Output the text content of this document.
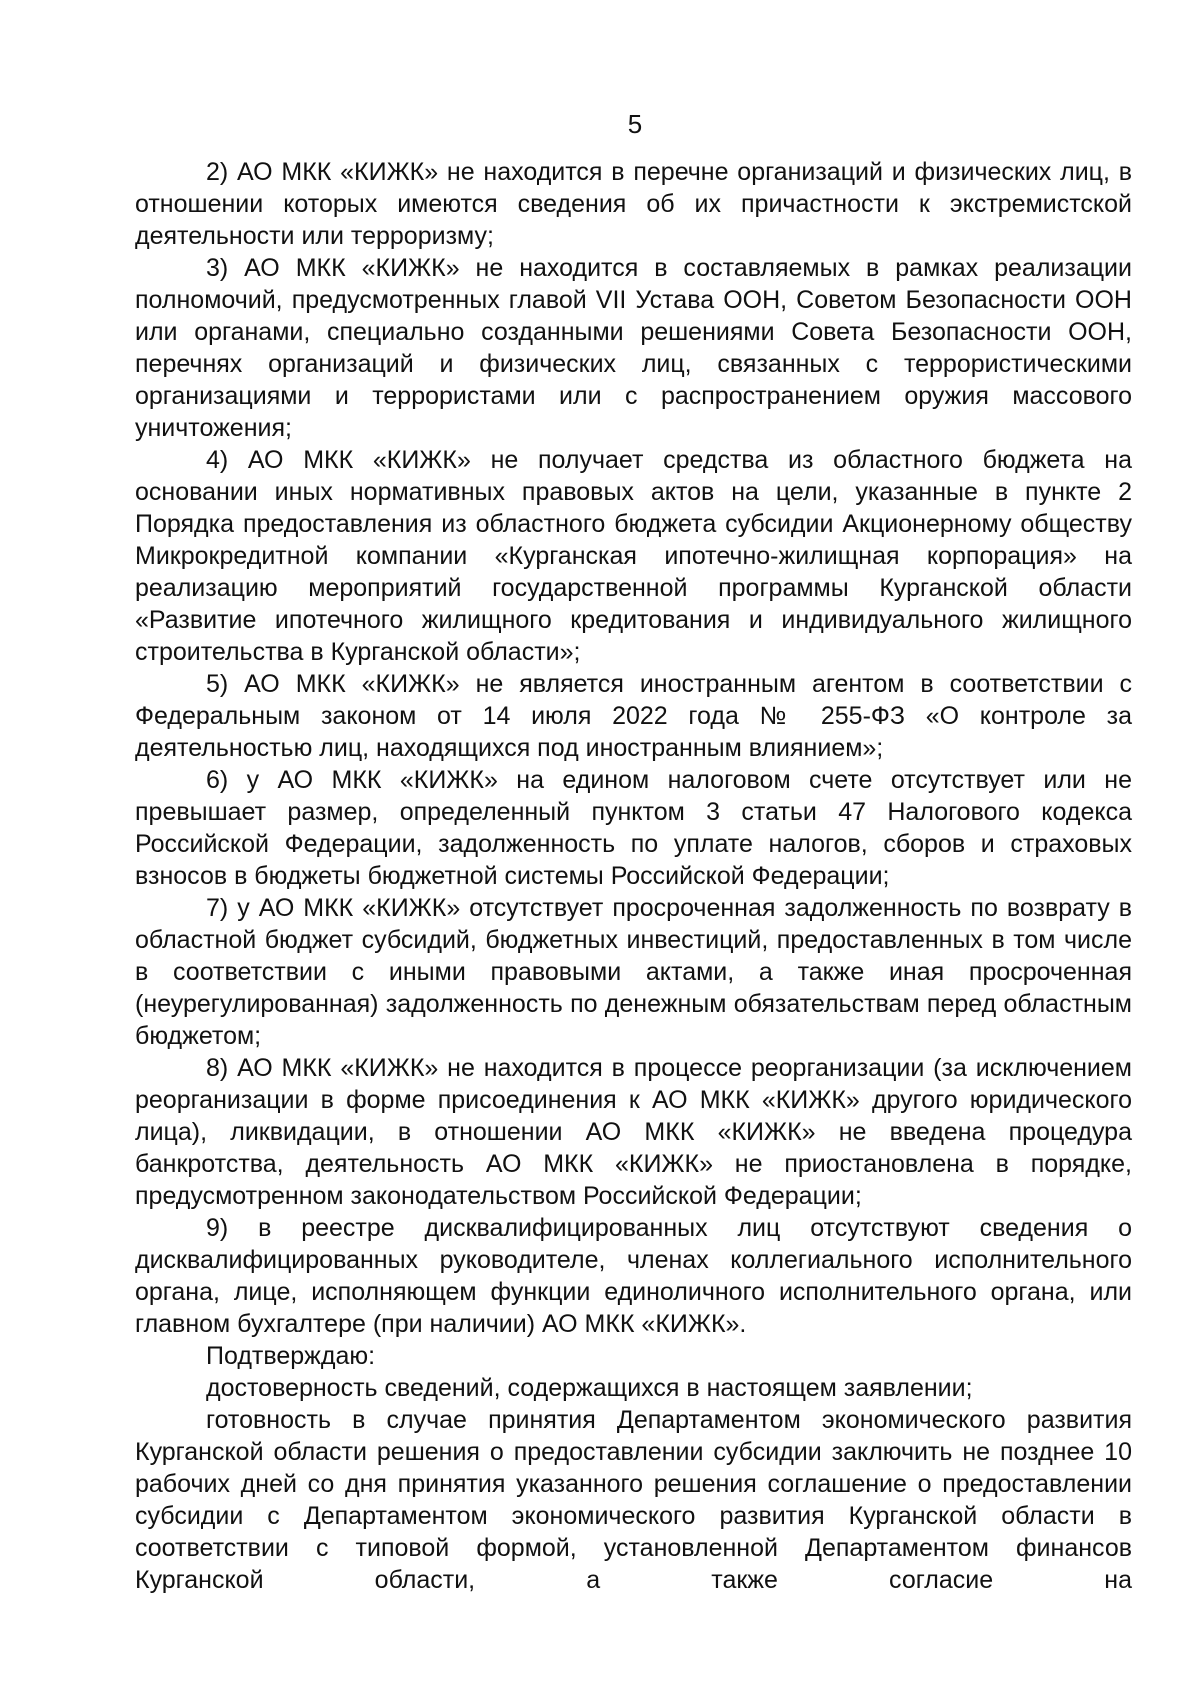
5

2) АО МКК «КИЖК» не находится в перечне организаций и физических лиц, в отношении которых имеются сведения об их причастности к экстремистской деятельности или терроризму;

3) АО МКК «КИЖК» не находится в составляемых в рамках реализации полномочий, предусмотренных главой VII Устава ООН, Советом Безопасности ООН или органами, специально созданными решениями Совета Безопасности ООН, перечнях организаций и физических лиц, связанных с террористическими организациями и террористами или с распространением оружия массового уничтожения;

4) АО МКК «КИЖК» не получает средства из областного бюджета на основании иных нормативных правовых актов на цели, указанные в пункте 2 Порядка предоставления из областного бюджета субсидии Акционерному обществу Микрокредитной компании «Курганская ипотечно-жилищная корпорация» на реализацию мероприятий государственной программы Курганской области «Развитие ипотечного жилищного кредитования и индивидуального жилищного строительства в Курганской области»;

5) АО МКК «КИЖК» не является иностранным агентом в соответствии с Федеральным законом от 14 июля 2022 года № 255-ФЗ «О контроле за деятельностью лиц, находящихся под иностранным влиянием»;

6) у АО МКК «КИЖК» на едином налоговом счете отсутствует или не превышает размер, определенный пунктом 3 статьи 47 Налогового кодекса Российской Федерации, задолженность по уплате налогов, сборов и страховых взносов в бюджеты бюджетной системы Российской Федерации;

7) у АО МКК «КИЖК» отсутствует просроченная задолженность по возврату в областной бюджет субсидий, бюджетных инвестиций, предоставленных в том числе в соответствии с иными правовыми актами, а также иная просроченная (неурегулированная) задолженность по денежным обязательствам перед областным бюджетом;

8) АО МКК «КИЖК» не находится в процессе реорганизации (за исключением реорганизации в форме присоединения к АО МКК «КИЖК» другого юридического лица), ликвидации, в отношении АО МКК «КИЖК» не введена процедура банкротства, деятельность АО МКК «КИЖК» не приостановлена в порядке, предусмотренном законодательством Российской Федерации;

9) в реестре дисквалифицированных лиц отсутствуют сведения о дисквалифицированных руководителе, членах коллегиального исполнительного органа, лице, исполняющем функции единоличного исполнительного органа, или главном бухгалтере (при наличии) АО МКК «КИЖК».

Подтверждаю:

достоверность сведений, содержащихся в настоящем заявлении;

готовность в случае принятия Департаментом экономического развития Курганской области решения о предоставлении субсидии заключить не позднее 10 рабочих дней со дня принятия указанного решения соглашение о предоставлении субсидии с Департаментом экономического развития Курганской области в соответствии с типовой формой, установленной Департаментом финансов Курганской области, а также согласие на
